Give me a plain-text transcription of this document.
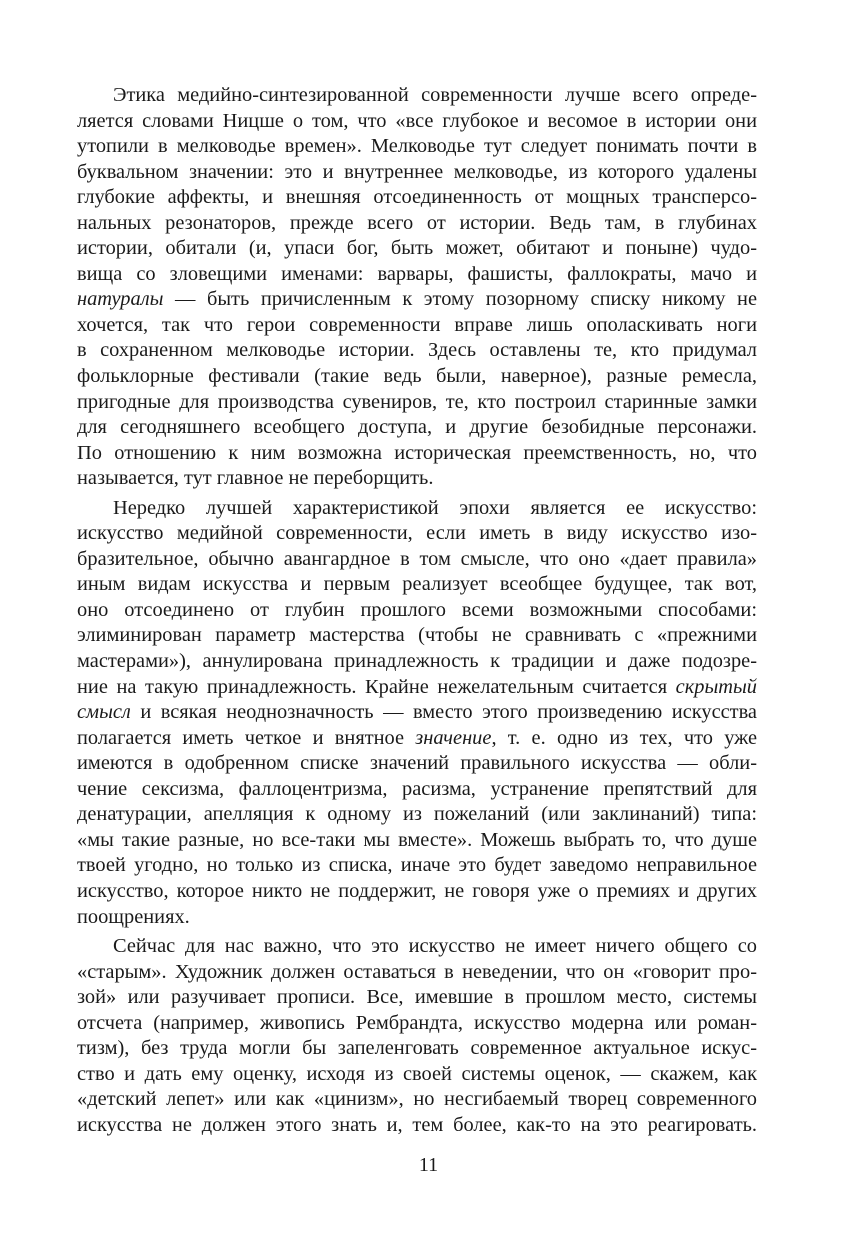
Этика медийно-синтезированной современности лучше всего опреде-
ляется словами Ницше о том, что «все глубокое и весомое в истории они
утопили в мелководье времен». Мелководье тут следует понимать почти в
буквальном значении: это и внутреннее мелководье, из которого удалены
глубокие аффекты, и внешняя отсоединенность от мощных трансперсо-
нальных резонаторов, прежде всего от истории. Ведь там, в глубинах
истории, обитали (и, упаси бог, быть может, обитают и поныне) чудо-
вища со зловещими именами: варвары, фашисты, фаллократы, мачо и
натуралы — быть причисленным к этому позорному списку никому не
хочется, так что герои современности вправе лишь ополаскивать ноги
в сохраненном мелководье истории. Здесь оставлены те, кто придумал
фольклорные фестивали (такие ведь были, наверное), разные ремесла,
пригодные для производства сувениров, те, кто построил старинные замки
для сегодняшнего всеобщего доступа, и другие безобидные персонажи.
По отношению к ним возможна историческая преемственность, но, что
называется, тут главное не переборщить.
Нередко лучшей характеристикой эпохи является ее искусство:
искусство медийной современности, если иметь в виду искусство изо-
бразительное, обычно авангардное в том смысле, что оно «дает правила»
иным видам искусства и первым реализует всеобщее будущее, так вот,
оно отсоединено от глубин прошлого всеми возможными способами:
элиминирован параметр мастерства (чтобы не сравнивать с «прежними
мастерами»), аннулирована принадлежность к традиции и даже подозре-
ние на такую принадлежность. Крайне нежелательным считается скрытый
смысл и всякая неоднозначность — вместо этого произведению искусства
полагается иметь четкое и внятное значение, т. е. одно из тех, что уже
имеются в одобренном списке значений правильного искусства — обли-
чение сексизма, фаллоцентризма, расизма, устранение препятствий для
денатурации, апелляция к одному из пожеланий (или заклинаний) типа:
«мы такие разные, но все-таки мы вместе». Можешь выбрать то, что душе
твоей угодно, но только из списка, иначе это будет заведомо неправильное
искусство, которое никто не поддержит, не говоря уже о премиях и других
поощрениях.
Сейчас для нас важно, что это искусство не имеет ничего общего со
«старым». Художник должен оставаться в неведении, что он «говорит про-
зой» или разучивает прописи. Все, имевшие в прошлом место, системы
отсчета (например, живопись Рембрандта, искусство модерна или роман-
тизм), без труда могли бы запеленговать современное актуальное искус-
ство и дать ему оценку, исходя из своей системы оценок, — скажем, как
«детский лепет» или как «цинизм», но несгибаемый творец современного
искусства не должен этого знать и, тем более, как-то на это реагировать.
11
